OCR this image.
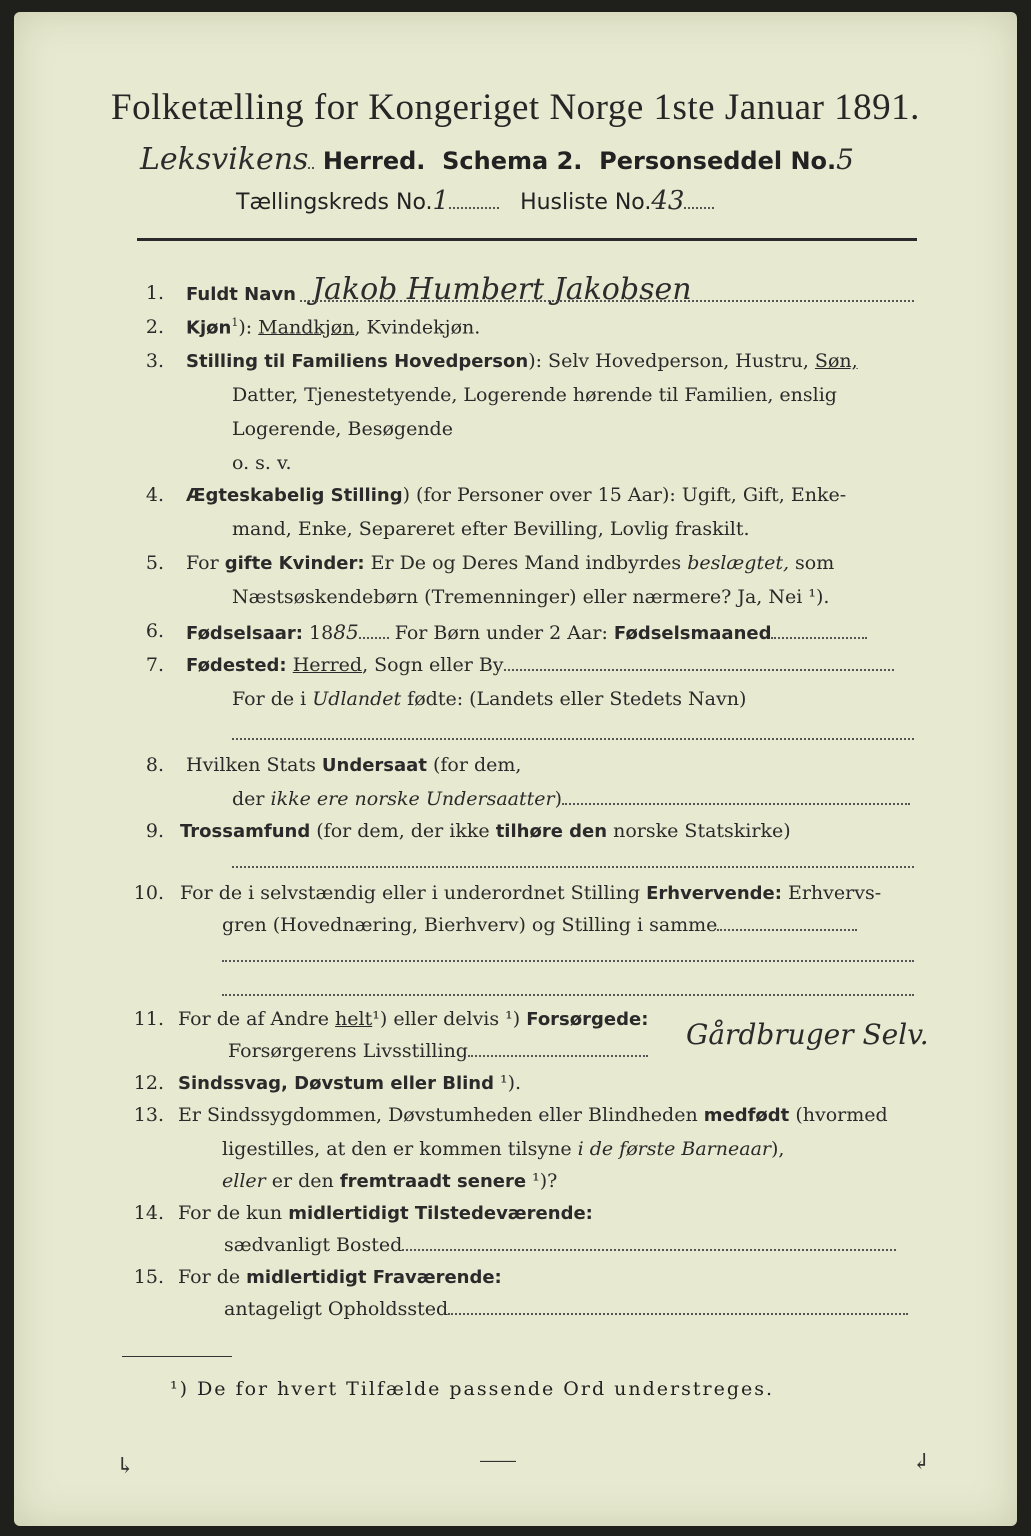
Folketælling for Kongeriget Norge 1ste Januar 1891.
Leksvikens Herred. Schema 2. Personseddel No.5
Tællingskreds No.1	Husliste No.43
1. Fuldt Navn Jakob Humbert Jakobsen
2. Kjøn$^1$): Mandkjøn, Kvindekjøn.
3. Stilling til Familiens Hovedperson): Selv Hovedperson, Hustru, Søn,
Datter, Tjenestetyende, Logerende hørende til Familien, enslig
Logerende, Besøgende
o. s. v.
4. Ægteskabelig Stilling) (for Personer over 15 Aar): Ugift, Gift, Enke-
mand, Enke, Separeret efter Bevilling, Lovlig fraskilt.
5. For gifte Kvinder: Er De og Deres Mand indbyrdes beslægtet, som
Næstsøskendebørn (Tremenninger) eller nærmere? Ja, Nei ¹).
6. Fødselsaar: 1885 For Børn under 2 Aar: Fødselsmaaned
7. Fødested: Herred, Sogn eller By
For de i Udlandet fødte: (Landets eller Stedets Navn)
8. Hvilken Stats Undersaat (for dem,
der ikke ere norske Undersaatter)
9. Trossamfund (for dem, der ikke tilhøre den norske Statskirke)
10. For de i selvstændig eller i underordnet Stilling Erhvervende: Erhvervs-
gren (Hovednæring, Bierhverv) og Stilling i samme
11. For de af Andre helt¹) eller delvis ¹) Forsørgede:
Forsørgerens Livsstilling	Gårdbruger Selv.
12. Sindssvag, Døvstum eller Blind ¹).
13. Er Sindssygdommen, Døvstumheden eller Blindheden medfødt (hvormed
ligestilles, at den er kommen tilsyne i de første Barneaar),
eller er den fremtraadt senere ¹)?
14. For de kun midlertidigt Tilstedeværende:
sædvanligt Bosted
15. For de midlertidigt Fraværende:
antageligt Opholdssted
¹) De for hvert Tilfælde passende Ord understreges.
↳	――	↲
